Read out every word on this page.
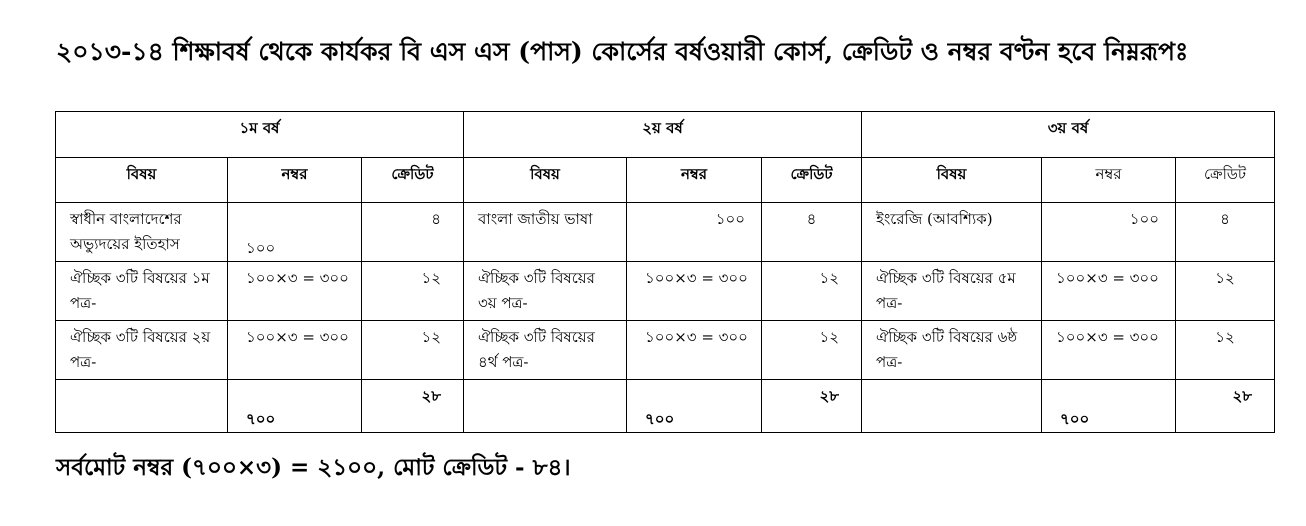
২০১৩-১৪ শিক্ষাবর্ষ থেকে কার্যকর বি এস এস (পাস) কোর্সের বর্ষওয়ারী কোর্স, ক্রেডিট ও নম্বর বণ্টন হবে নিম্নরূপঃ
১ম বর্ষ			২য় বর্ষ			৩য় বর্ষ		
বিষয়	নম্বর	ক্রেডিট	বিষয়	নম্বর	ক্রেডিট	বিষয়	নম্বর	ক্রেডিট
স্বাধীন বাংলাদেশের অভ্যুদয়ের ইতিহাস	১০০	৪	বাংলা জাতীয় ভাষা	১০০	৪	ইংরেজি (আবশ্যিক)	১০০	৪
ঐচ্ছিক ৩টি বিষয়ের ১ম পত্র-	১০০×৩ = ৩০০	১২	ঐচ্ছিক ৩টি বিষয়ের ৩য় পত্র-	১০০×৩ = ৩০০	১২	ঐচ্ছিক ৩টি বিষয়ের ৫ম পত্র-	১০০×৩ = ৩০০	১২
ঐচ্ছিক ৩টি বিষয়ের ২য় পত্র-	১০০×৩ = ৩০০	১২	ঐচ্ছিক ৩টি বিষয়ের ৪র্থ পত্র-	১০০×৩ = ৩০০	১২	ঐচ্ছিক ৩টি বিষয়ের ৬ষ্ঠ পত্র-	১০০×৩ = ৩০০	১২
	৭০০	২৮		৭০০	২৮		৭০০	২৮
সর্বমোট নম্বর (৭০০×৩) = ২১০০, মোট ক্রেডিট - ৮৪।
